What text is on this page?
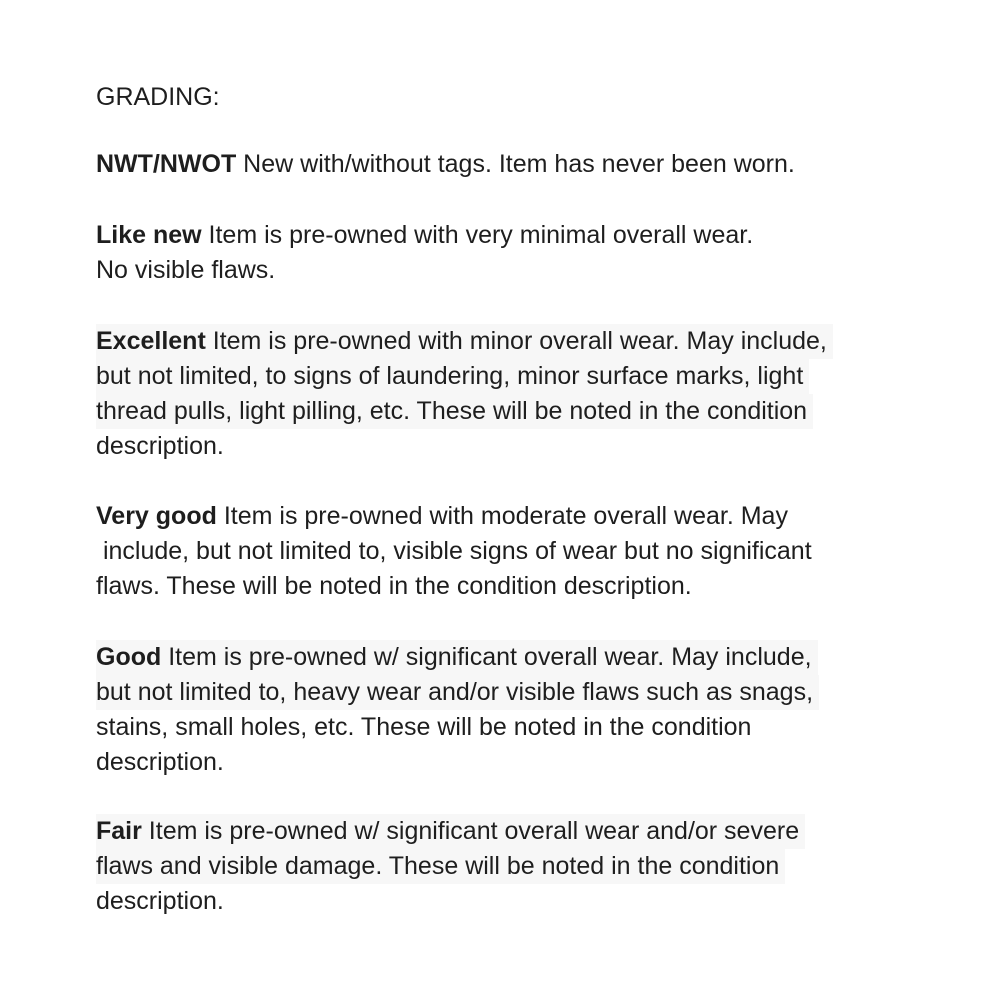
GRADING:
NWT/NWOT New with/without tags. Item has never been worn.
Like new Item is pre-owned with very minimal overall wear.
No visible flaws.
Excellent Item is pre-owned with minor overall wear. May include, but not limited, to signs of laundering, minor surface marks, light thread pulls, light pilling, etc. These will be noted in the condition
description.
Very good Item is pre-owned with moderate overall wear. May
include, but not limited to, visible signs of wear but no significant
flaws. These will be noted in the condition description.
Good Item is pre-owned w/ significant overall wear. May include, but not limited to, heavy wear and/or visible flaws such as snags,
stains, small holes, etc. These will be noted in the condition
description.
Fair Item is pre-owned w/ significant overall wear and/or severe flaws and visible damage. These will be noted in the condition
description.
